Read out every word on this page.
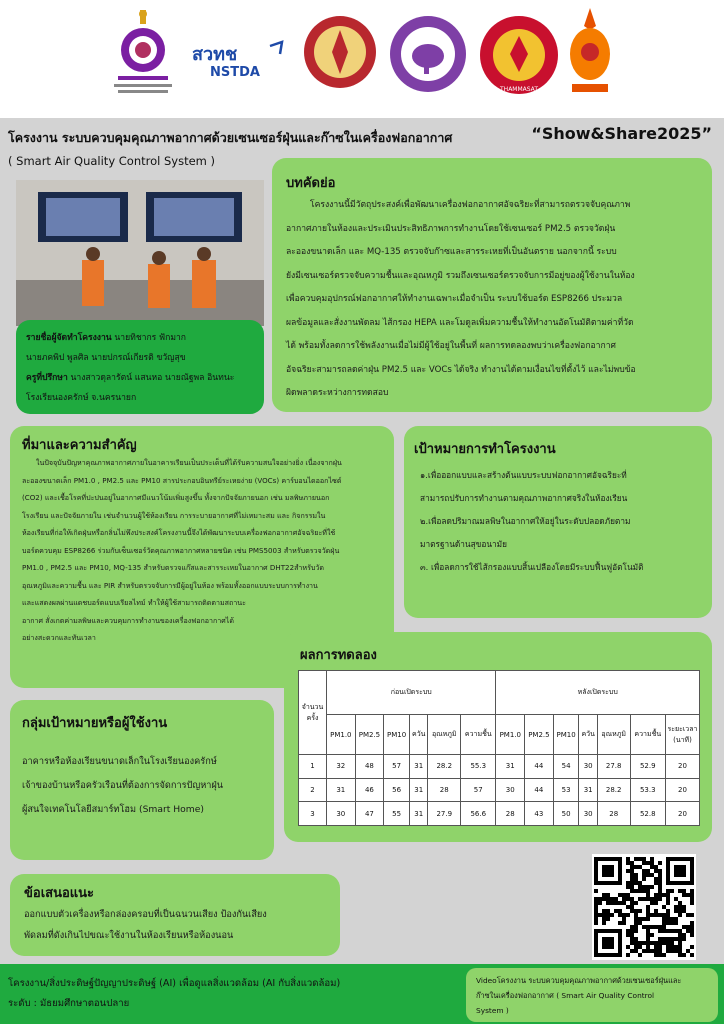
สวทช
NSTDA
THAMMASAT
โครงงาน ระบบควบคุมคุณภาพอากาศด้วยเซนเซอร์ฝุ่นและก๊าซในเครื่องฟอกอากาศ	“Show&Share2025”
( Smart Air Quality Control System )
รายชื่อผู้จัดทำโครงงาน นายทิชากร ฟักมาก
นายภคพิป พูลศิล นายปกรณ์เกียรติ ขวัญสุข
ครูที่ปรึกษา นางสาวดุลารัตน์ แสนหอ นายณัฐพล อินทนะ
โรงเรียนองครักษ์ จ.นครนายก
บทคัดย่อ
โครงงานนี้มีวัตถุประสงค์เพื่อพัฒนาเครื่องฟอกอากาศอัจฉริยะที่สามารถตรวจจับคุณภาพ
อากาศภายในห้องและประเมินประสิทธิภาพการทำงานโดยใช้เซนเซอร์ PM2.5 ตรวจวัดฝุ่น
ละอองขนาดเล็ก และ MQ-135 ตรวจจับก๊าซและสารระเหยที่เป็นอันตราย นอกจากนี้ ระบบ
ยังมีเซนเซอร์ตรวจจับความชื้นและอุณหภูมิ รวมถึงเซนเซอร์ตรวจจับการมีอยู่ของผู้ใช้งานในห้อง
เพื่อควบคุมอุปกรณ์ฟอกอากาศให้ทำงานเฉพาะเมื่อจำเป็น ระบบใช้บอร์ด ESP8266 ประมวล
ผลข้อมูลและสั่งงานพัดลม ไส้กรอง HEPA และโมดูลเพิ่มความชื้นให้ทำงานอัตโนมัติตามค่าที่วัด
ได้ พร้อมทั้งลดการใช้พลังงานเมื่อไม่มีผู้ใช้อยู่ในพื้นที่ ผลการทดลองพบว่าเครื่องฟอกอากาศ
อัจฉริยะสามารถลดค่าฝุ่น PM2.5 และ VOCs ได้จริง ทำงานได้ตามเงื่อนไขที่ตั้งไว้ และไม่พบข้อ
ผิดพลาดระหว่างการทดสอบ
ที่มาและความสำคัญ
ในปัจจุบันปัญหาคุณภาพอากาศภายในอาคารเรียนเป็นประเด็นที่ได้รับความสนใจอย่างยิ่ง เนื่องจากฝุ่น
ละอองขนาดเล็ก PM1.0 , PM2.5 และ PM10 สารประกอบอินทรีย์ระเหยง่าย (VOCs) คาร์บอนไดออกไซด์
(CO2) และเชื้อโรคที่ปะปนอยู่ในอากาศมีแนวโน้มเพิ่มสูงขึ้น ทั้งจากปัจจัยภายนอก เช่น มลพิษภายนอก
โรงเรียน และปัจจัยภายใน เช่นจำนวนผู้ใช้ห้องเรียน การระบายอากาศที่ไม่เหมาะสม และ กิจกรรมใน
ห้องเรียนที่ก่อให้เกิดฝุ่นหรือกลิ่นไม่พึงประสงค์โครงงานนี้จึงได้พัฒนาระบบเครื่องฟอกอากาศอัจฉริยะที่ใช้
บอร์ดควบคุม ESP8266 ร่วมกับเซ็นเซอร์วัดคุณภาพอากาศหลายชนิด เช่น PMS5003 สำหรับตรวจวัดฝุ่น
PM1.0 , PM2.5 และ PM10, MQ-135 สำหรับตรวจแก๊สและสารระเหยในอากาศ DHT22สำหรับวัด
อุณหภูมิและความชื้น และ PIR สำหรับตรวจจับการมีผู้อยู่ในห้อง พร้อมทั้งออกแบบระบบการทำงาน
และแสดงผลผ่านแดชบอร์ดแบบเรียลไทม์ ทำให้ผู้ใช้สามารถติดตามสถานะ
อากาศ สั่งเกตค่ามลพิษและควบคุมการทำงานของเครื่องฟอกอากาศได้
อย่างสะดวกและทันเวลา
เป้าหมายการทำโครงงาน
๑.เพื่อออกแบบและสร้างต้นแบบระบบฟอกอากาศอัจฉริยะที่
สามารถปรับการทำงานตามคุณภาพอากาศจริงในห้องเรียน
๒.เพื่อลดปริมาณมลพิษในอากาศให้อยู่ในระดับปลอดภัยตาม
มาตรฐานด้านสุขอนามัย
๓. เพื่อลดการใช้ไส้กรองแบบสิ้นเปลืองโดยมีระบบฟื้นฟูอัตโนมัติ
ผลการทดลอง
จำนวนครั้ง	ก่อนเปิดระบบ						หลังเปิดระบบ						
	PM1.0	PM2.5	PM10	ควัน	อุณหภูมิ	ความชื้น	PM1.0	PM2.5	PM10	ควัน	อุณหภูมิ	ความชื้น	ระยะเวลา (นาที)
1	32	48	57	31	28.2	55.3	31	44	54	30	27.8	52.9	20
2	31	46	56	31	28	57	30	44	53	31	28.2	53.3	20
3	30	47	55	31	27.9	56.6	28	43	50	30	28	52.8	20
กลุ่มเป้าหมายหรือผู้ใช้งาน
อาคารหรือห้องเรียนขนาดเล็กในโรงเรียนองครักษ์
เจ้าของบ้านหรือครัวเรือนที่ต้องการจัดการปัญหาฝุ่น
ผู้สนใจเทคโนโลยีสมาร์ทโฮม (Smart Home)
ข้อเสนอแนะ
ออกแบบตัวเครื่องหรือกล่องครอบที่เป็นฉนวนเสียง ป้องกันเสียง
พัดลมที่ดังเกินไปขณะใช้งานในห้องเรียนหรือห้องนอน
โครงงาน/สิ่งประดิษฐ์ปัญญาประดิษฐ์ (AI) เพื่อดูแลสิ่งแวดล้อม (AI กับสิ่งแวดล้อม)
ระดับ : มัธยมศึกษาตอนปลาย
Videoโครงงาน ระบบควบคุมคุณภาพอากาศด้วยเซนเซอร์ฝุ่นและ
ก๊าซในเครื่องฟอกอากาศ ( Smart Air Quality Control
System )
